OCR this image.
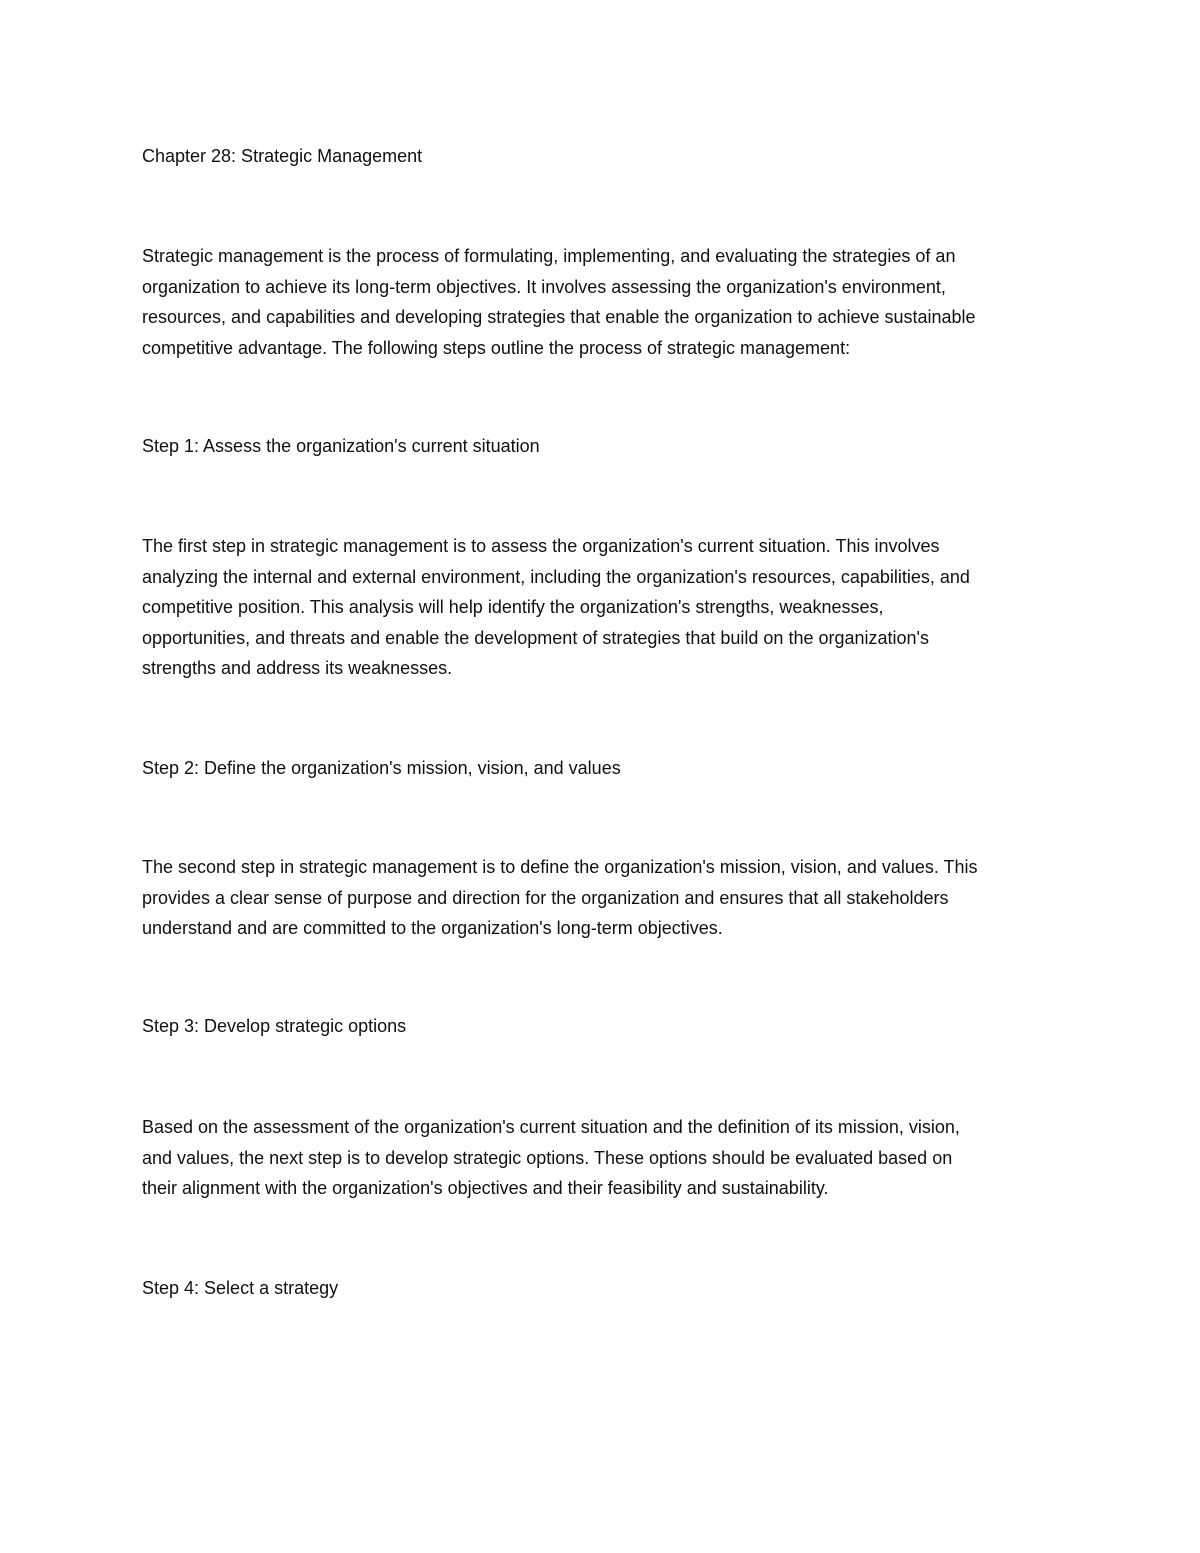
Chapter 28: Strategic Management

Strategic management is the process of formulating, implementing, and evaluating the strategies of an
organization to achieve its long-term objectives. It involves assessing the organization's environment,
resources, and capabilities and developing strategies that enable the organization to achieve sustainable
competitive advantage. The following steps outline the process of strategic management:

Step 1: Assess the organization's current situation

The first step in strategic management is to assess the organization's current situation. This involves
analyzing the internal and external environment, including the organization's resources, capabilities, and
competitive position. This analysis will help identify the organization's strengths, weaknesses,
opportunities, and threats and enable the development of strategies that build on the organization's
strengths and address its weaknesses.

Step 2: Define the organization's mission, vision, and values

The second step in strategic management is to define the organization's mission, vision, and values. This
provides a clear sense of purpose and direction for the organization and ensures that all stakeholders
understand and are committed to the organization's long-term objectives.

Step 3: Develop strategic options

Based on the assessment of the organization's current situation and the definition of its mission, vision,
and values, the next step is to develop strategic options. These options should be evaluated based on
their alignment with the organization's objectives and their feasibility and sustainability.

Step 4: Select a strategy
